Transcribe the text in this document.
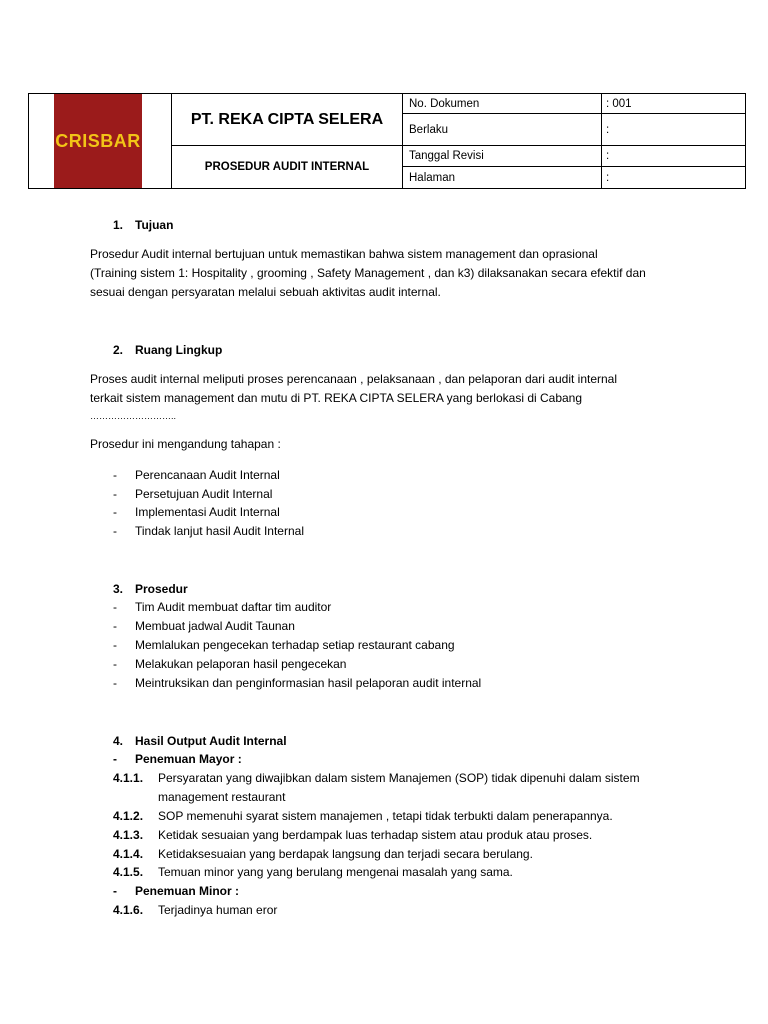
CRISBAR	PT. REKA CIPTA SELERA	No. Dokumen	: 001
		Berlaku	:
	PROSEDUR AUDIT INTERNAL	Tanggal Revisi	:
		Halaman	:
1. Tujuan
Prosedur Audit internal bertujuan untuk memastikan bahwa sistem management dan oprasional
(Training sistem 1: Hospitality , grooming , Safety Management , dan k3) dilaksanakan secara efektif dan
sesuai dengan persyaratan melalui sebuah aktivitas audit internal.
2. Ruang Lingkup
Proses audit internal meliputi proses perencanaan , pelaksanaan , dan pelaporan dari audit internal
terkait sistem management dan mutu di PT. REKA CIPTA SELERA yang berlokasi di Cabang
………………………..
Prosedur ini mengandung tahapan :
- Perencanaan Audit Internal
- Persetujuan Audit Internal
- Implementasi Audit Internal
- Tindak lanjut hasil Audit Internal
3. Prosedur
- Tim Audit membuat daftar tim auditor
- Membuat jadwal Audit Taunan
- Memlalukan pengecekan terhadap setiap restaurant cabang
- Melakukan pelaporan hasil pengecekan
- Meintruksikan dan penginformasian hasil pelaporan audit internal
4. Hasil Output Audit Internal
- Penemuan Mayor :
4.1.1. Persyaratan yang diwajibkan dalam sistem Manajemen (SOP) tidak dipenuhi dalam sistem
management restaurant
4.1.2. SOP memenuhi syarat sistem manajemen , tetapi tidak terbukti dalam penerapannya.
4.1.3. Ketidak sesuaian yang berdampak luas terhadap sistem atau produk atau proses.
4.1.4. Ketidaksesuaian yang berdapak langsung dan terjadi secara berulang.
4.1.5. Temuan minor yang yang berulang mengenai masalah yang sama.
- Penemuan Minor :
4.1.6. Terjadinya human eror
